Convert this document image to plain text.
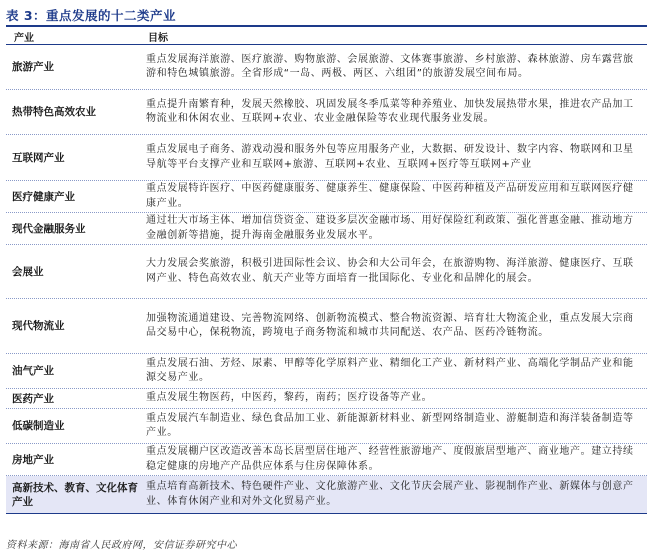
表 3：重点发展的十二类产业
产业	目标
旅游产业
重点发展海洋旅游、医疗旅游、购物旅游、会展旅游、文体赛事旅游、乡村旅游、森林旅游、房车露营旅游和特色城镇旅游。全省形成“一岛、两极、两区、六组团”的旅游发展空间布局。
热带特色高效农业
重点提升南繁育种，发展天然橡胶、巩固发展冬季瓜菜等种养殖业、加快发展热带水果，推进农产品加工物流业和休闲农业、互联网+农业、农业金融保险等农业现代服务业发展。
互联网产业
重点发展电子商务、游戏动漫和服务外包等应用服务产业，大数据、研发设计、数字内容、物联网和卫星导航等平台支撑产业和互联网+旅游、互联网+农业、互联网+医疗等互联网+产业
医疗健康产业
重点发展特许医疗、中医药健康服务、健康养生、健康保险、中医药种植及产品研发应用和互联网医疗健康产业。
现代金融服务业
通过壮大市场主体、增加信贷资金、建设多层次金融市场、用好保险红利政策、强化普惠金融、推动地方金融创新等措施，提升海南金融服务业发展水平。
会展业
大力发展会奖旅游，积极引进国际性会议、协会和大公司年会，在旅游购物、海洋旅游、健康医疗、互联网产业、特色高效农业、航天产业等方面培育一批国际化、专业化和品牌化的展会。
现代物流业
加强物流通道建设、完善物流网络、创新物流模式、整合物流资源、培育壮大物流企业，重点发展大宗商品交易中心，保税物流，跨境电子商务物流和城市共同配送、农产品、医药冷链物流。
油气产业
重点发展石油、芳烃、尿素、甲醇等化学原料产业、精细化工产业、新材料产业、高端化学制品产业和能源交易产业。
医药产业	重点发展生物医药，中医药，黎药，南药；医疗设备等产业。
低碳制造业
重点发展汽车制造业、绿色食品加工业、新能源新材料业、新型网络制造业、游艇制造和海洋装备制造等产业。
房地产业
重点发展棚户区改造改善本岛长居型居住地产、经营性旅游地产、度假旅居型地产、商业地产。建立持续稳定健康的房地产产品供应体系与住房保障体系。
高新技术、教育、文化体育产业
重点培育高新技术、特色硬件产业、文化旅游产业、文化节庆会展产业、影视制作产业、新媒体与创意产业、体育休闲产业和对外文化贸易产业。
资料来源：海南省人民政府网，安信证券研究中心
